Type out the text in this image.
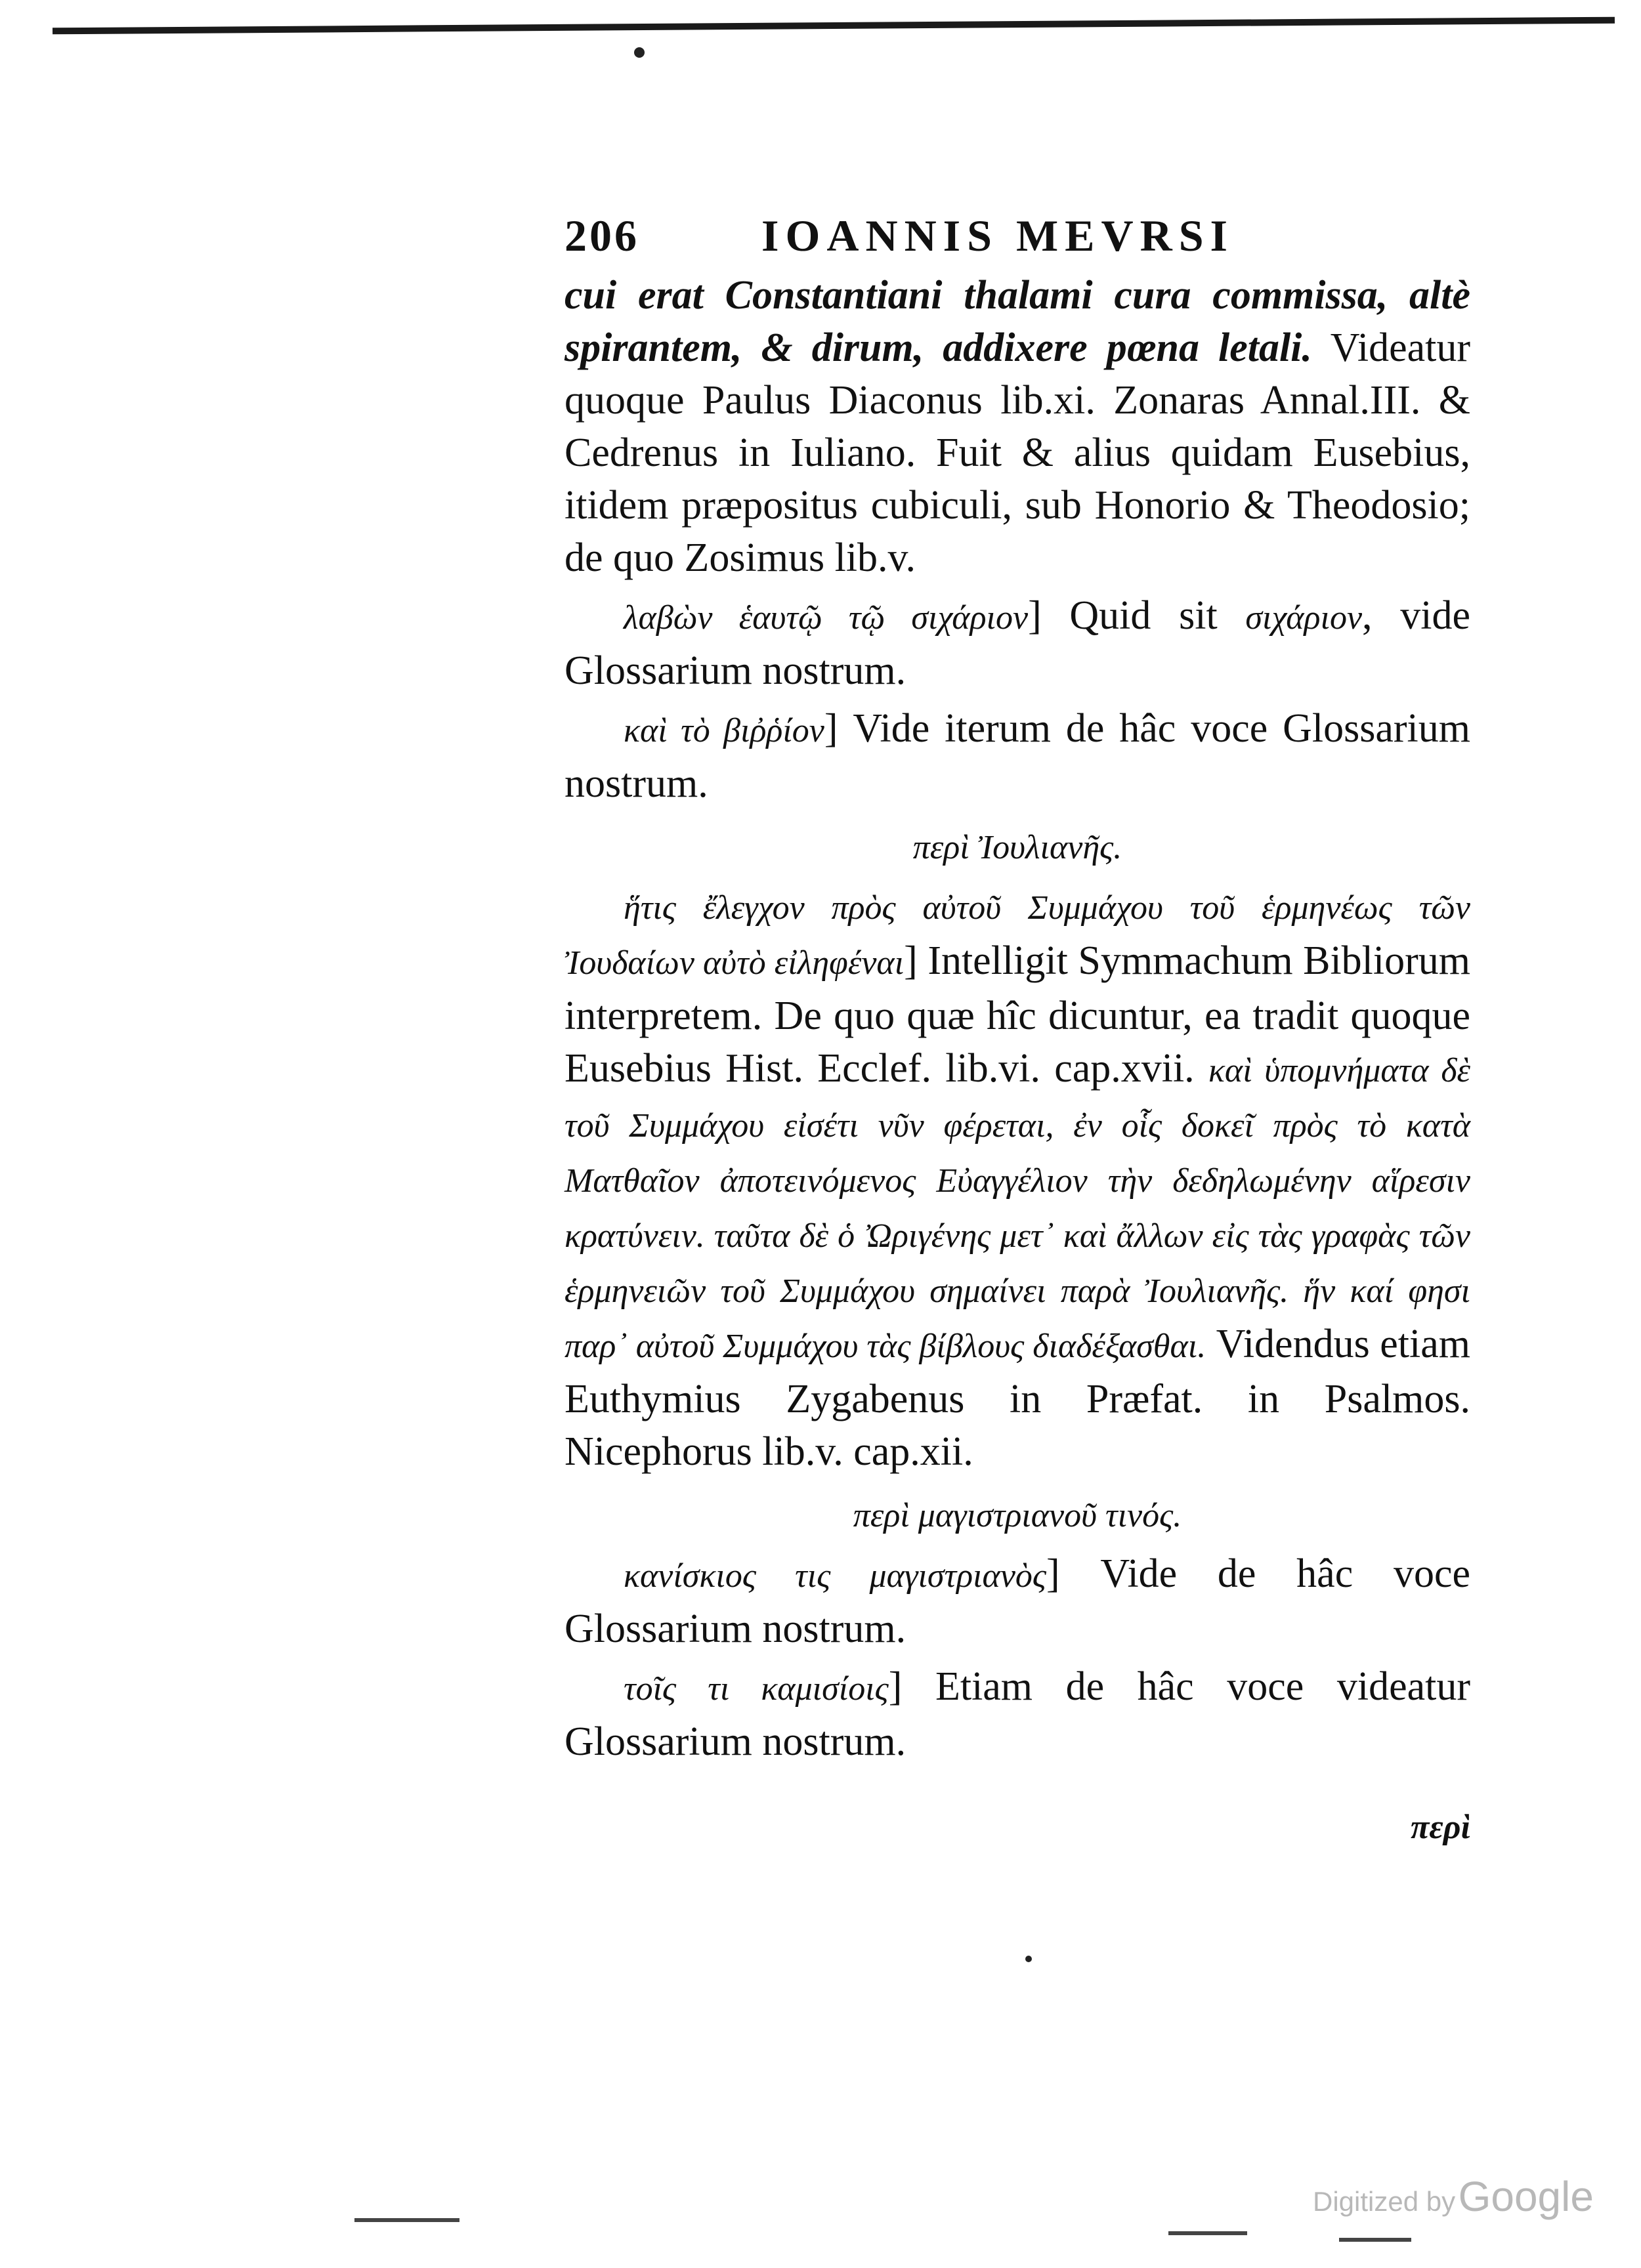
206	IOANNIS MEVRSI

cui erat Constantiani thalami cura commissa, altè spirantem, & dirum, addixere pœna letali. Videatur quoque Paulus Diaconus lib.xi. Zonaras Annal.III. & Cedrenus in Iuliano. Fuit & alius quidam Eusebius, itidem præpositus cubiculi, sub Honorio & Theodosio; de quo Zosimus lib.v.

λαβὼν ἑαυτῷ τῷ σιχάριον] Quid sit σιχάριον, vide Glossarium nostrum.

καὶ τὸ βιῤῥίον] Vide iterum de hâc voce Glossarium nostrum.

περὶ Ἰουλιανῆς.

ἥτις ἔλεγχον πρὸς αὐτοῦ Συμμάχου τοῦ ἑρμηνέως τῶν Ἰουδαίων αὐτὸ εἰληφέναι] Intelligit Symmachum Bibliorum interpretem. De quo quæ hîc dicuntur, ea tradit quoque Eusebius Hist. Ecclef. lib.vi. cap.xvii. καὶ ὑπομνήματα δὲ τοῦ Συμμάχου εἰσέτι νῦν φέρεται, ἐν οἷς δοκεῖ πρὸς τὸ κατὰ Ματθαῖον ἀποτεινόμενος Εὐαγγέλιον τὴν δεδηλωμένην αἵρεσιν κρατύνειν. ταῦτα δὲ ὁ Ὠριγένης μετ᾽ καὶ ἄλλων εἰς τὰς γραφὰς τῶν ἑρμηνειῶν τοῦ Συμμάχου σημαίνει παρὰ Ἰουλιανῆς. ἥν καί φησι παρ᾽ αὐτοῦ Συμμάχου τὰς βίβλους διαδέξασθαι. Videndus etiam Euthymius Zygabenus in Præfat. in Psalmos. Nicephorus lib.v. cap.xii.

περὶ μαγιστριανοῦ τινός.

κανίσκιος τις μαγιστριανὸς] Vide de hâc voce Glossarium nostrum.

τοῖς τι καμισίοις] Etiam de hâc voce videatur Glossarium nostrum.

περὶ
Digitized by Google
